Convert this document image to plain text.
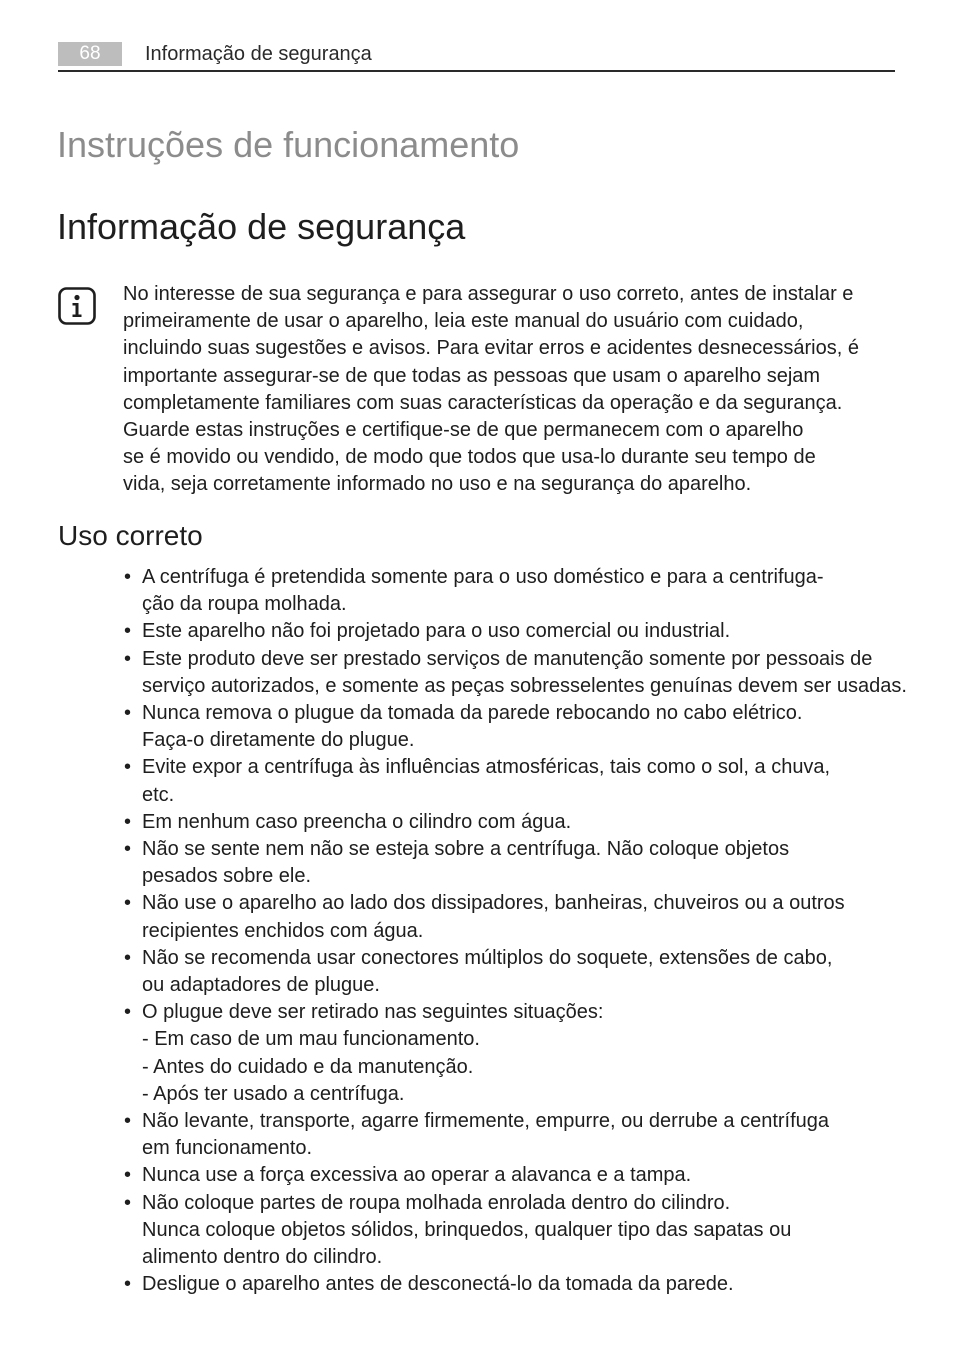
68	Informação de segurança
Instruções de funcionamento
Informação de segurança

No interesse de sua segurança e para assegurar o uso correto, antes de instalar e
primeiramente de usar o aparelho, leia este manual do usuário com cuidado,
incluindo suas sugestões e avisos. Para evitar erros e acidentes desnecessários, é
importante assegurar-se de que todas as pessoas que usam o aparelho sejam
completamente familiares com suas características da operação e da segurança.
Guarde estas instruções e certifique-se de que permanecem com o aparelho
se é movido ou vendido, de modo que todos que usa-lo durante seu tempo de
vida, seja corretamente informado no uso e na segurança do aparelho.

Uso correto
• A centrífuga é pretendida somente para o uso doméstico e para a centrifuga-
ção da roupa molhada.
• Este aparelho não foi projetado para o uso comercial ou industrial.
• Este produto deve ser prestado serviços de manutenção somente por pessoais de
serviço autorizados, e somente as peças sobresselentes genuínas devem ser usadas.
• Nunca remova o plugue da tomada da parede rebocando no cabo elétrico.
Faça-o diretamente do plugue.
• Evite expor a centrífuga às influências atmosféricas, tais como o sol, a chuva,
etc.
• Em nenhum caso preencha o cilindro com água.
• Não se sente nem não se esteja sobre a centrífuga. Não coloque objetos
pesados sobre ele.
• Não use o aparelho ao lado dos dissipadores, banheiras, chuveiros ou a outros
recipientes enchidos com água.
• Não se recomenda usar conectores múltiplos do soquete, extensões de cabo,
ou adaptadores de plugue.
• O plugue deve ser retirado nas seguintes situações:
- Em caso de um mau funcionamento.
- Antes do cuidado e da manutenção.
- Após ter usado a centrífuga.
• Não levante, transporte, agarre firmemente, empurre, ou derrube a centrífuga
em funcionamento.
• Nunca use a força excessiva ao operar a alavanca e a tampa.
• Não coloque partes de roupa molhada enrolada dentro do cilindro.
Nunca coloque objetos sólidos, brinquedos, qualquer tipo das sapatas ou
alimento dentro do cilindro.
• Desligue o aparelho antes de desconectá-lo da tomada da parede.
